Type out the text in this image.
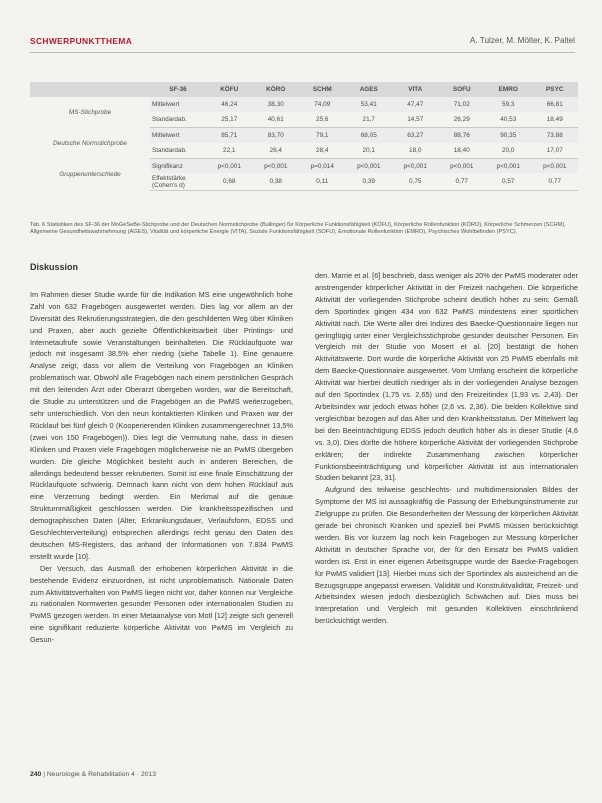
SCHWERPUNKTTHEMA	A. Tulzer, M. Mölter, K. Paltel
	SF-36	KÖFU	KÖRO	SCHM	AGES	VITA	SOFU	EMRO	PSYC
MS-Stichprobe	Mittelwert	46,24	38,30	74,09	53,41	47,47	71,02	59,3	66,81
	Standardab.	25,17	40,61	25,6	21,7	14,57	26,29	40,53	18,49
Deutsche Normstichprobe	Mittelwert	85,71	83,70	79,1	68,05	63,27	88,76	90,35	73,88
	Standardab.	22,1	26,4	28,4	20,1	18,0	18,40	20,0	17,07
Gruppenunterschiede	Signifikanz	p<0,001	p<0,001	p=0,014	p<0,001	p<0,001	p<0,001	p<0,001	p<0,001
	Effektstärke (Cohen's d)	0,68	0,38	0,11	0,39	0,75	0,77	0,57	0,77
Tab. 6 Statistiken des SF-36 der MoGeSeBe-Stichprobe und der Deutschen Normstichprobe (Bullinger) für Körperliche Funktionsfähigkeit (KÖFU), Körperliche Rollenfunktion (KÖRO), Körperliche Schmerzen (SCHM), Allgemeine Gesundheitswahrnehmung (AGES), Vitalität und körperliche Energie (VITA), Soziale Funktionsfähigkeit (SOFU), Emotionale Rollenfunktion (EMRO), Psychisches Wohlbefinden (PSYC).
Diskussion

Im Rahmen dieser Studie wurde für die Indikation MS eine ungewöhnlich hohe Zahl von 632 Fragebögen ausgewertet werden. Dies lag vor allem an der Diversität des Rekrutierungsstrategien, die den geschilderten Weg über Kliniken und Praxen, aber auch gezielte Öffentlichkeitsarbeit über Printings- und Internetaufrufe sowie Veranstaltungen beinhalteten. Die Rücklaufquote war jedoch mit insgesamt 38,5% eher niedrig (siehe Tabelle 1). Eine genauere Analyse zeigt, dass vor allem die Verteilung von Fragebögen an Kliniken problematisch war. Obwohl alle Fragebögen nach einem persönlichen Gespräch mit den leitenden Ärzt oder Oberarzt übergeben worden, war die Bereitschaft, die Studie zu unterstützen und die Fragebögen an die PwMS weiterzugeben, sehr unterschiedlich. Von den neun kontaktierten Kliniken und Praxen war der Rücklauf bei fünf gleich 0 (Kooperierenden Kliniken zusammengerechnet 13,5% (zwei von 150 Fragebögen)). Dies legt die Vermutung nahe, dass in diesen Kliniken und Praxen viele Fragebögen möglicherweise nie an PwMS übergeben wurden. Die gleiche Möglichkeit besteht auch in anderen Bereichen, die allerdings bedeutend besser rekrutierten. Somit ist eine finale Einschätzung der Rücklaufquote schwierig. Demnach kann nicht von dem hohen Rücklauf aus eine Verzerrung bedingt werden. Ein Merkmal auf die genaue Strukturnmäßigkeit geschlossen werden. Die krankheitsspezifischen und demographischen Daten (Alter, Erkrankungsdauer, Verlaufsform, EDSS und Geschlechterverteilung) entsprechen allerdings recht genau den Daten des deutschen MS-Registers, das anhand der Informationen von 7.834 PwMS erstellt wurde [10].

Der Versuch, das Ausmaß der erhobenen körperlichen Aktivität in die bestehende Evidenz einzuordnen, ist nicht unproblematisch. Nationale Daten zum Aktivitätsverhalten von PwMS liegen nicht vor, daher können nur Vergleiche zu nationalen Normwerten gesunder Personen oder internationalen Studien zu PwMS gezogen werden. In einer Metaanalyse von Motl [12] zeigte sich generell eine signifikant reduzierte körperliche Aktivität von PwMS im Vergleich zu Gesun-

den. Marrie et al. [6] beschrieb, dass weniger als 20% der PwMS moderater oder anstrengender körperlicher Aktivität in der Freizeit nachgehen. Die körperliche Aktivität der vorliegenden Stichprobe scheint deutlich höher zu sein: Gemäß dem Sportindex gingen 434 von 632 PwMS mindestens einer sportlichen Aktivität nach. Die Werte aller drei Indizes des Baecke-Questionnaire liegen nur geringfügig unter einer Vergleichsstichprobe gesunder deutscher Personen. Ein Vergleich mit der Studie von Mosert et al. [20] bestätigt die hohen Aktivitätswerte. Dort wurde die körperliche Aktivität von 25 PwMS ebenfalls mit dem Baecke-Questionnaire ausgewertet. Vom Umfang erscheint die körperliche Aktivität war hierbei deutlich niedriger als in der vorliegenden Analyse bezogen auf den Sportindex (1,75 vs. 2,65) und den Freizeitindex (1,93 vs. 2,43). Der Arbeitsindex war jedoch etwas höher (2,6 vs. 2,36). Die beiden Kollektive sind vergleichbar bezogen auf das Alter und den Krankheitsstatus. Der Mittelwert lag bei den Beeinträchtigung EDSS jedoch deutlich höher als in dieser Studie (4,6 vs. 3,0). Dies dürfte die höhere körperliche Aktivität der vorliegenden Stichprobe erklären; der indirekte Zusammenhang zwischen körperlicher Funktionsbeeinträchtigung und körperlicher Aktivität ist aus internationalen Studien bekannt [23, 31].

Aufgrund des teilweise geschlechts- und multidimensionalen Bildes der Symptome der MS ist aussagkräftig die Passung der Erhebungsinstrumente zur Zielgruppe zu prüfen. Die Besonderheiten der Messung der körperlichen Aktivität gerade bei chronisch Kranken und speziell bei PwMS müssen berücksichtigt werden. Bis vor kurzem lag noch kein Fragebogen zur Messung körperlicher Aktivität in deutscher Sprache vor, der für den Einsatz bei PwMS validiert worden ist. Erst in einer eigenen Arbeitsgruppe wurde der Baecke-Fragebogen für PwMS validiert [13]. Hierbei muss sich der Sportindex als ausreichend an die Bezugsgruppe angepasst erweisen. Validität und Konstruktvalidität, Freizeit- und Arbeitsindex wiesen jedoch diesbezüglich Schwächen auf. Dies muss bei Interpretation und Vergleich mit gesunden Kollektiven einschränkend berücksichtigt werden.

240 | Neurologie & Rehabilitation 4 · 2013
